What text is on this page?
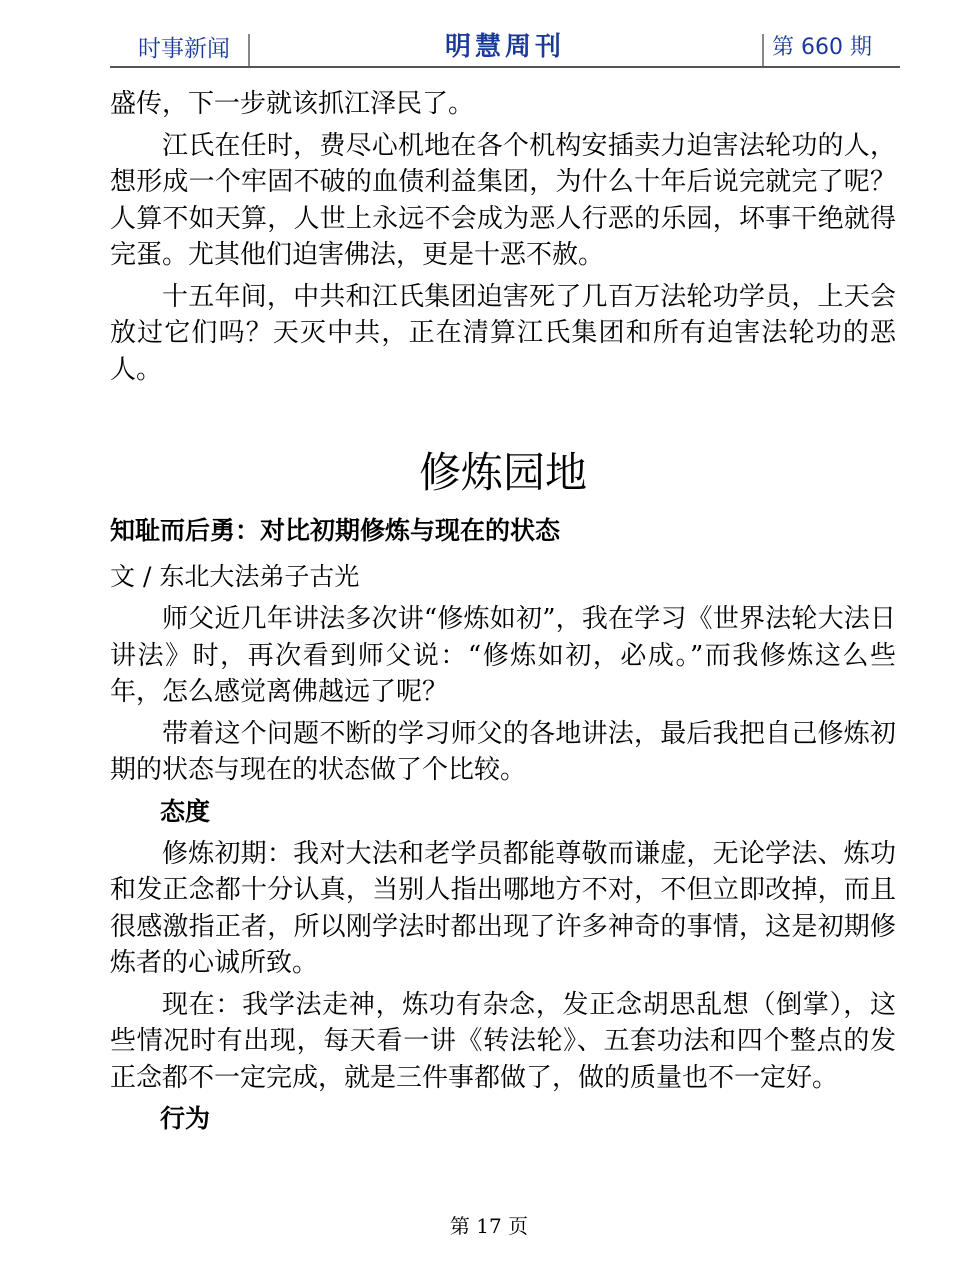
时事新闻	明慧周刊	第 660 期

盛传，下一步就该抓江泽民了。

江氏在任时，费尽心机地在各个机构安插卖力迫害法轮功的人，想形成一个牢固不破的血债利益集团，为什么十年后说完就完了呢？人算不如天算，人世上永远不会成为恶人行恶的乐园，坏事干绝就得完蛋。尤其他们迫害佛法，更是十恶不赦。

十五年间，中共和江氏集团迫害死了几百万法轮功学员，上天会放过它们吗？天灭中共，正在清算江氏集团和所有迫害法轮功的恶人。

修炼园地
知耻而后勇：对比初期修炼与现在的状态
文 / 东北大法弟子古光

师父近几年讲法多次讲“修炼如初”，我在学习《世界法轮大法日讲法》时，再次看到师父说：“修炼如初，必成。”而我修炼这么些年，怎么感觉离佛越远了呢？

带着这个问题不断的学习师父的各地讲法，最后我把自己修炼初期的状态与现在的状态做了个比较。

态度

修炼初期：我对大法和老学员都能尊敬而谦虚，无论学法、炼功和发正念都十分认真，当别人指出哪地方不对，不但立即改掉，而且很感激指正者，所以刚学法时都出现了许多神奇的事情，这是初期修炼者的心诚所致。

现在：我学法走神，炼功有杂念，发正念胡思乱想（倒掌），这些情况时有出现，每天看一讲《转法轮》、五套功法和四个整点的发正念都不一定完成，就是三件事都做了，做的质量也不一定好。

行为
第 17 页
